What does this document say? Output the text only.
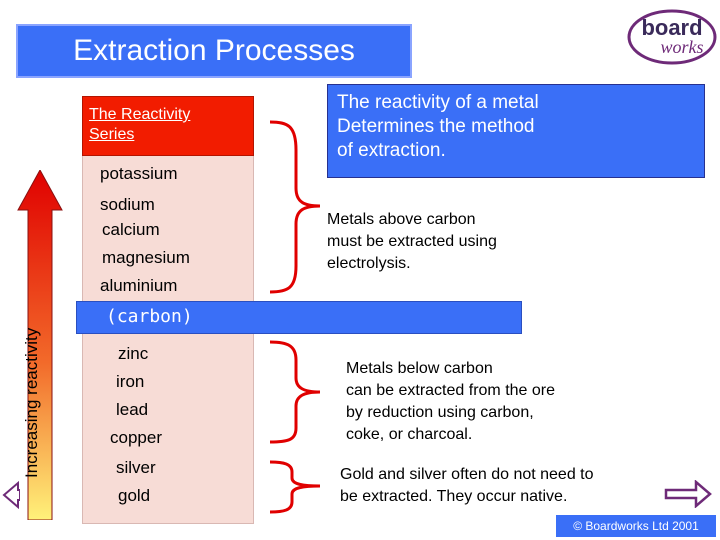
Extraction Processes
board
works
Increasing reactivity
The Reactivity
Series
potassium
sodium
calcium
magnesium
aluminium
(carbon)
zinc
iron
lead
copper
silver
gold
The reactivity of a metal
Determines the method
of extraction.
Metals above carbon
must be extracted using
electrolysis.
Metals below carbon
can be extracted from the ore
by reduction using carbon,
coke, or charcoal.
Gold and silver often do not need to
be extracted. They occur native.
© Boardworks Ltd 2001
